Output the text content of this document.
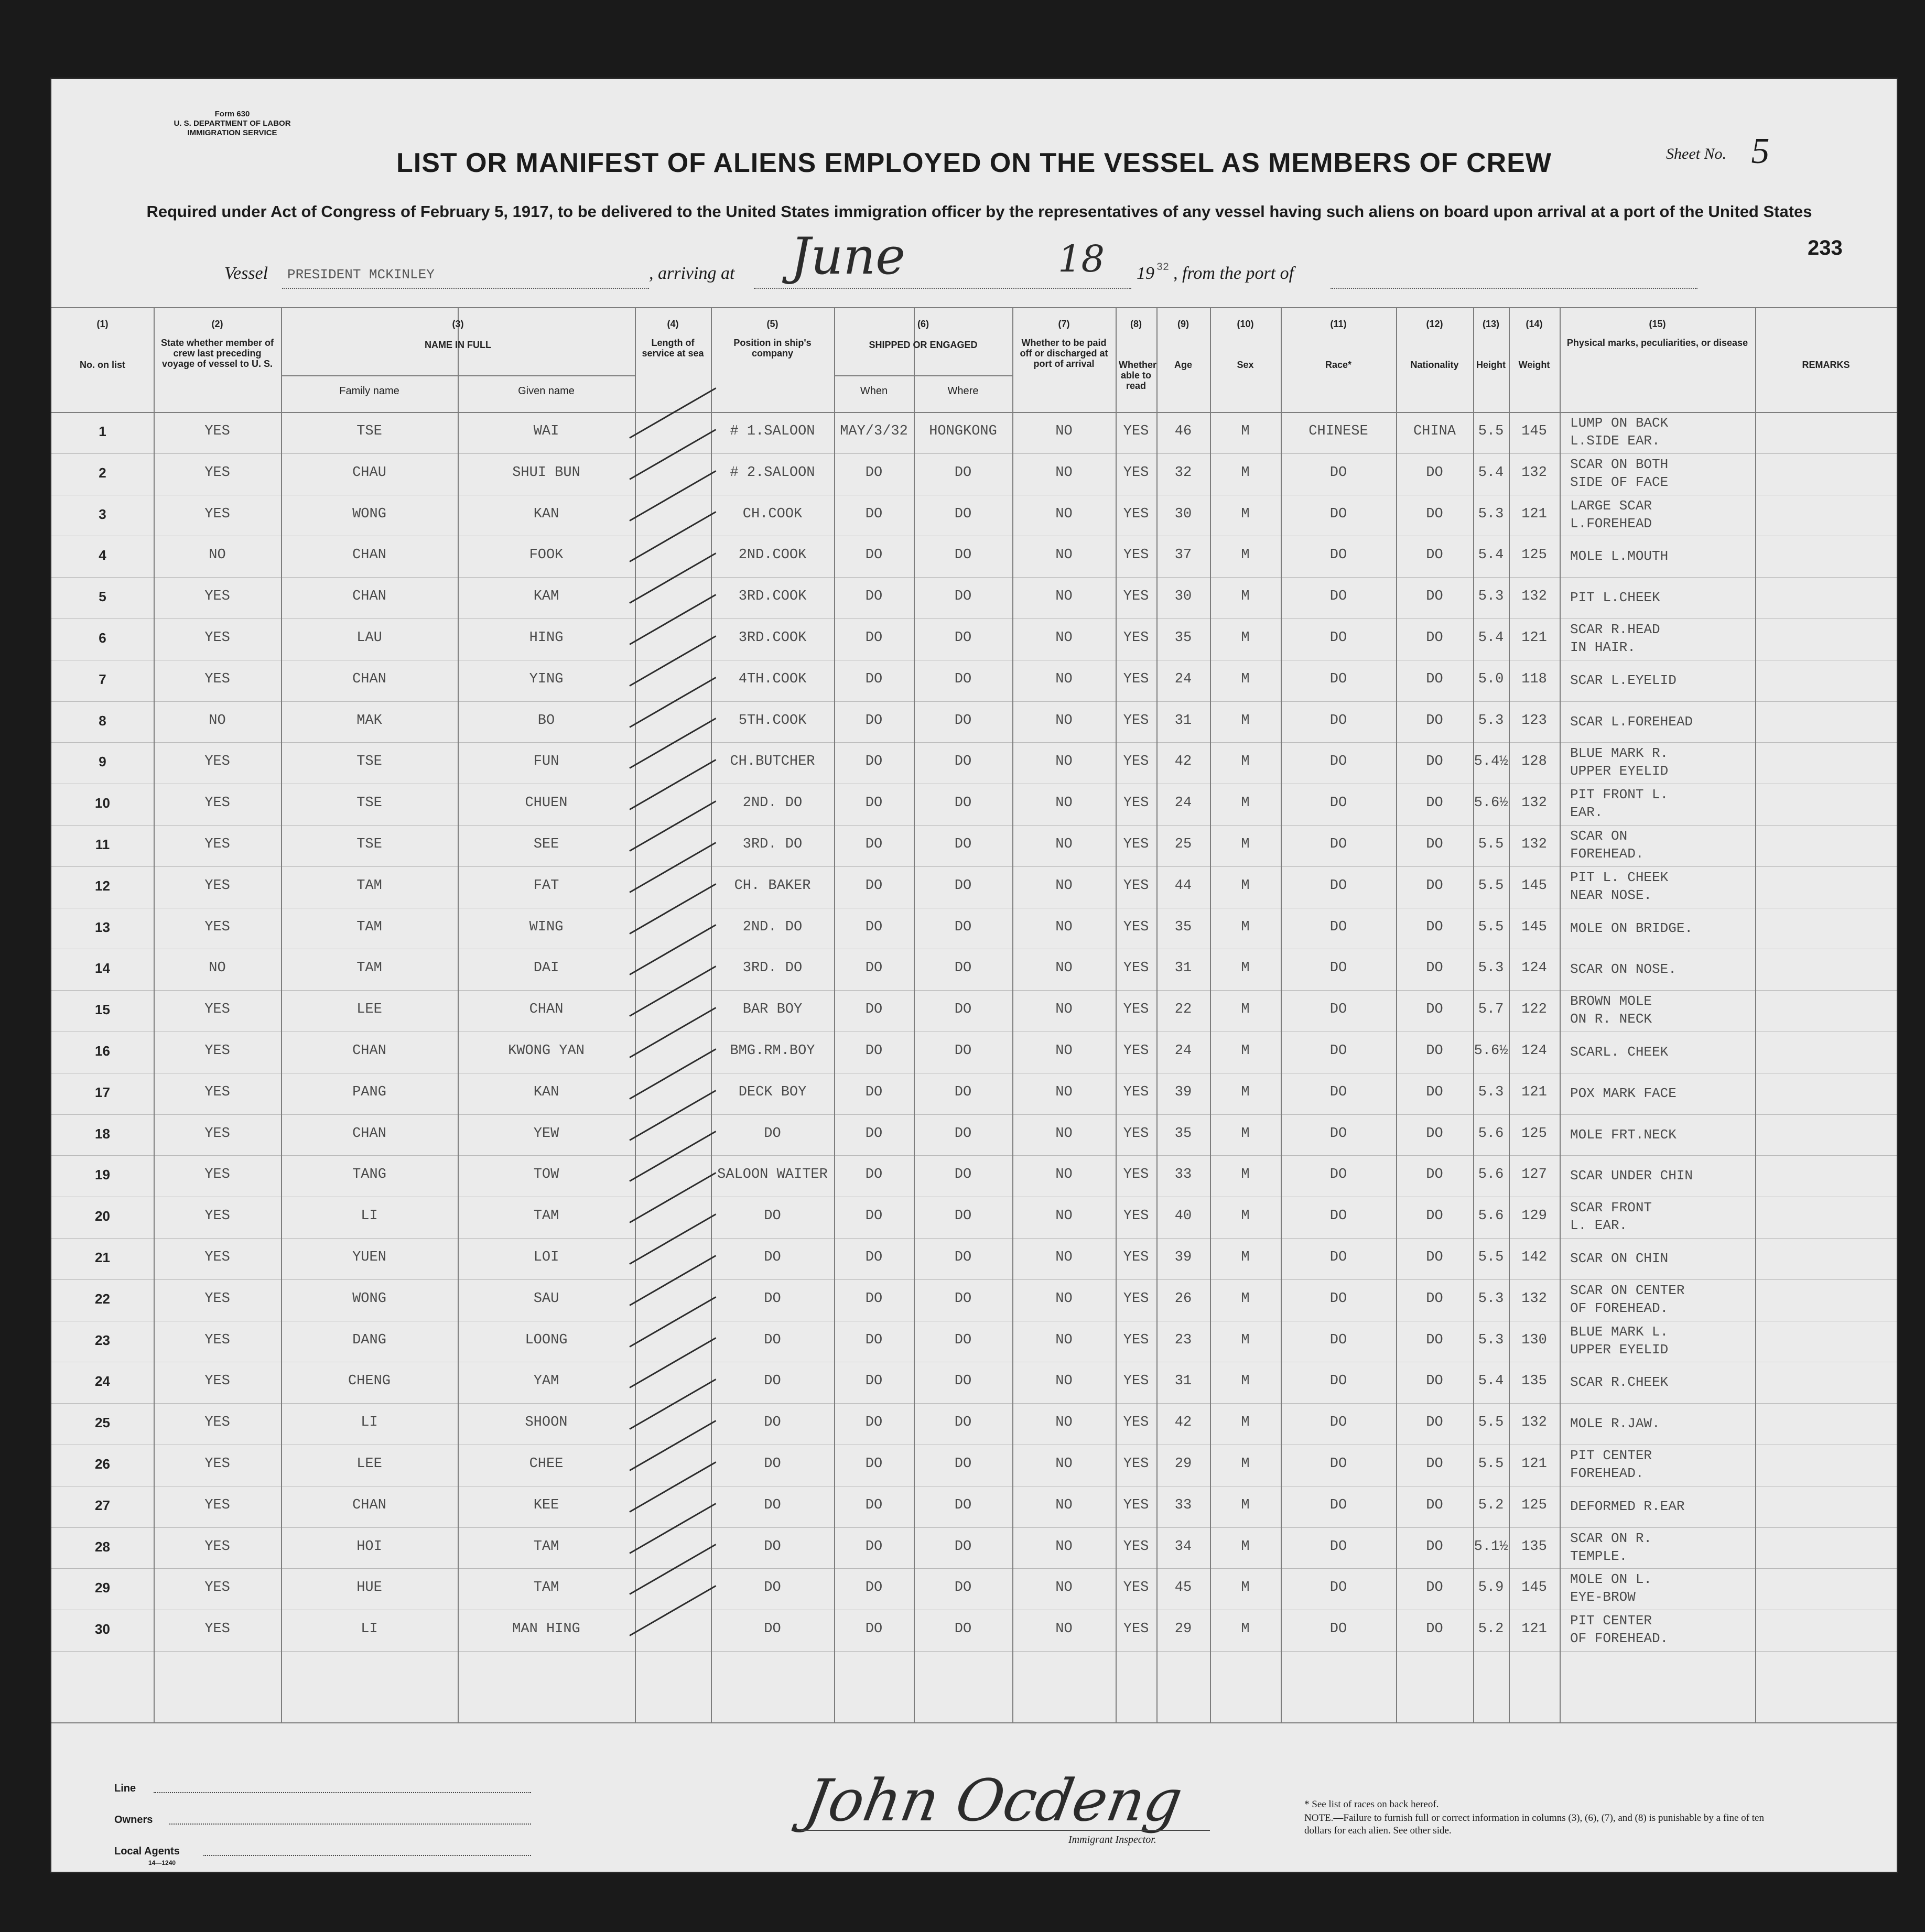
Form 630
U. S. DEPARTMENT OF LABOR
IMMIGRATION SERVICE
Sheet No. 5
LIST OR MANIFEST OF ALIENS EMPLOYED ON THE VESSEL AS MEMBERS OF CREW
Required under Act of Congress of February 5, 1917, to be delivered to the United States immigration officer by the representatives of any vessel having such aliens on board upon arrival at a port of the United States
233
Vessel PRESIDENT MCKINLEY	, arriving at June	18 19 32 , from the port of
(1)
No. on list
(2)
State whether member of crew last preceding voyage of vessel to U. S.
(3)
NAME IN FULL
Family name	Given name
(4)
Length of service at sea
(5)
Position in ship's company
(6)
SHIPPED OR ENGAGED
When	Where
(7)
Whether to be paid off or discharged at port of arrival
(8)
Whether able to read
(9)
Age
(10)
Sex
(11)
Race*
(12)
Nationality
(13)
Height
(14)
Weight
(15)
Physical marks, peculiarities, or disease
REMARKS
1	YES	TSE	WAI	# 1.SALOON	MAY/3/32	HONGKONG	NO	YES	46	M	CHINESE	CHINA	5.5	145
LUMP ON BACK
L.SIDE EAR.
2	YES	CHAU	SHUI BUN	# 2.SALOON	DO	DO	NO	YES	32	M	DO	DO	5.4	132
SCAR ON BOTH
SIDE OF FACE
3	YES	WONG	KAN	CH.COOK	DO	DO	NO	YES	30	M	DO	DO	5.3	121
LARGE SCAR
L.FOREHEAD
4	NO	CHAN	FOOK	2ND.COOK	DO	DO	NO	YES	37	M	DO	DO	5.4	125	MOLE L.MOUTH
5	YES	CHAN	KAM	3RD.COOK	DO	DO	NO	YES	30	M	DO	DO	5.3	132	PIT L.CHEEK
6	YES	LAU	HING	3RD.COOK	DO	DO	NO	YES	35	M	DO	DO	5.4	121
SCAR R.HEAD
IN HAIR.
7	YES	CHAN	YING	4TH.COOK	DO	DO	NO	YES	24	M	DO	DO	5.0	118	SCAR L.EYELID
8	NO	MAK	BO	5TH.COOK	DO	DO	NO	YES	31	M	DO	DO	5.3	123	SCAR L.FOREHEAD
9	YES	TSE	FUN	CH.BUTCHER	DO	DO	NO	YES	42	M	DO	DO	5.4½ 128
BLUE MARK R.
UPPER EYELID
10	YES	TSE	CHUEN	2ND. DO	DO	DO	NO	YES	24	M	DO	DO	5.6½ 132
PIT FRONT L.
EAR.
11	YES	TSE	SEE	3RD. DO	DO	DO	NO	YES	25	M	DO	DO	5.5	132
SCAR ON
FOREHEAD.
12	YES	TAM	FAT	CH. BAKER	DO	DO	NO	YES	44	M	DO	DO	5.5	145
PIT L. CHEEK
NEAR NOSE.
13	YES	TAM	WING	2ND. DO	DO	DO	NO	YES	35	M	DO	DO	5.5	145	MOLE ON BRIDGE.
14	NO	TAM	DAI	3RD. DO	DO	DO	NO	YES	31	M	DO	DO	5.3	124	SCAR ON NOSE.
15	YES	LEE	CHAN	BAR BOY	DO	DO	NO	YES	22	M	DO	DO	5.7	122
BROWN MOLE
ON R. NECK
16	YES	CHAN	KWONG YAN	BMG.RM.BOY	DO	DO	NO	YES	24	M	DO	DO	5.6½ 124	SCARL. CHEEK
17	YES	PANG	KAN	DECK BOY	DO	DO	NO	YES	39	M	DO	DO	5.3	121	POX MARK FACE
18	YES	CHAN	YEW	DO	DO	DO	NO	YES	35	M	DO	DO	5.6	125	MOLE FRT.NECK
19	YES	TANG	TOW	SALOON WAITER	DO	DO	NO	YES	33	M	DO	DO	5.6	127	SCAR UNDER CHIN
20	YES	LI	TAM	DO	DO	DO	NO	YES	40	M	DO	DO	5.6	129
SCAR FRONT
L. EAR.
21	YES	YUEN	LOI	DO	DO	DO	NO	YES	39	M	DO	DO	5.5	142	SCAR ON CHIN
22	YES	WONG	SAU	DO	DO	DO	NO	YES	26	M	DO	DO	5.3	132
SCAR ON CENTER
OF FOREHEAD.
23	YES	DANG	LOONG	DO	DO	DO	NO	YES	23	M	DO	DO	5.3	130
BLUE MARK L.
UPPER EYELID
24	YES	CHENG	YAM	DO	DO	DO	NO	YES	31	M	DO	DO	5.4	135	SCAR R.CHEEK
25	YES	LI	SHOON	DO	DO	DO	NO	YES	42	M	DO	DO	5.5	132	MOLE R.JAW.
26	YES	LEE	CHEE	DO	DO	DO	NO	YES	29	M	DO	DO	5.5	121
PIT CENTER
FOREHEAD.
27	YES	CHAN	KEE	DO	DO	DO	NO	YES	33	M	DO	DO	5.2	125	DEFORMED R.EAR
28	YES	HOI	TAM	DO	DO	DO	NO	YES	34	M	DO	DO	5.1½ 135
SCAR ON R.
TEMPLE.
29	YES	HUE	TAM	DO	DO	DO	NO	YES	45	M	DO	DO	5.9	145
MOLE ON L.
EYE-BROW
30	YES	LI	MAN HING	DO	DO	DO	NO	YES	29	M	DO	DO	5.2	121
PIT CENTER
OF FOREHEAD.
Line
Owners
Local Agents
14—1240
John Ocdeng
Immigrant Inspector.
* See list of races on back hereof.
NOTE.—Failure to furnish full or correct information in columns (3), (6), (7), and (8) is punishable by a fine of ten dollars for each alien. See other side.
